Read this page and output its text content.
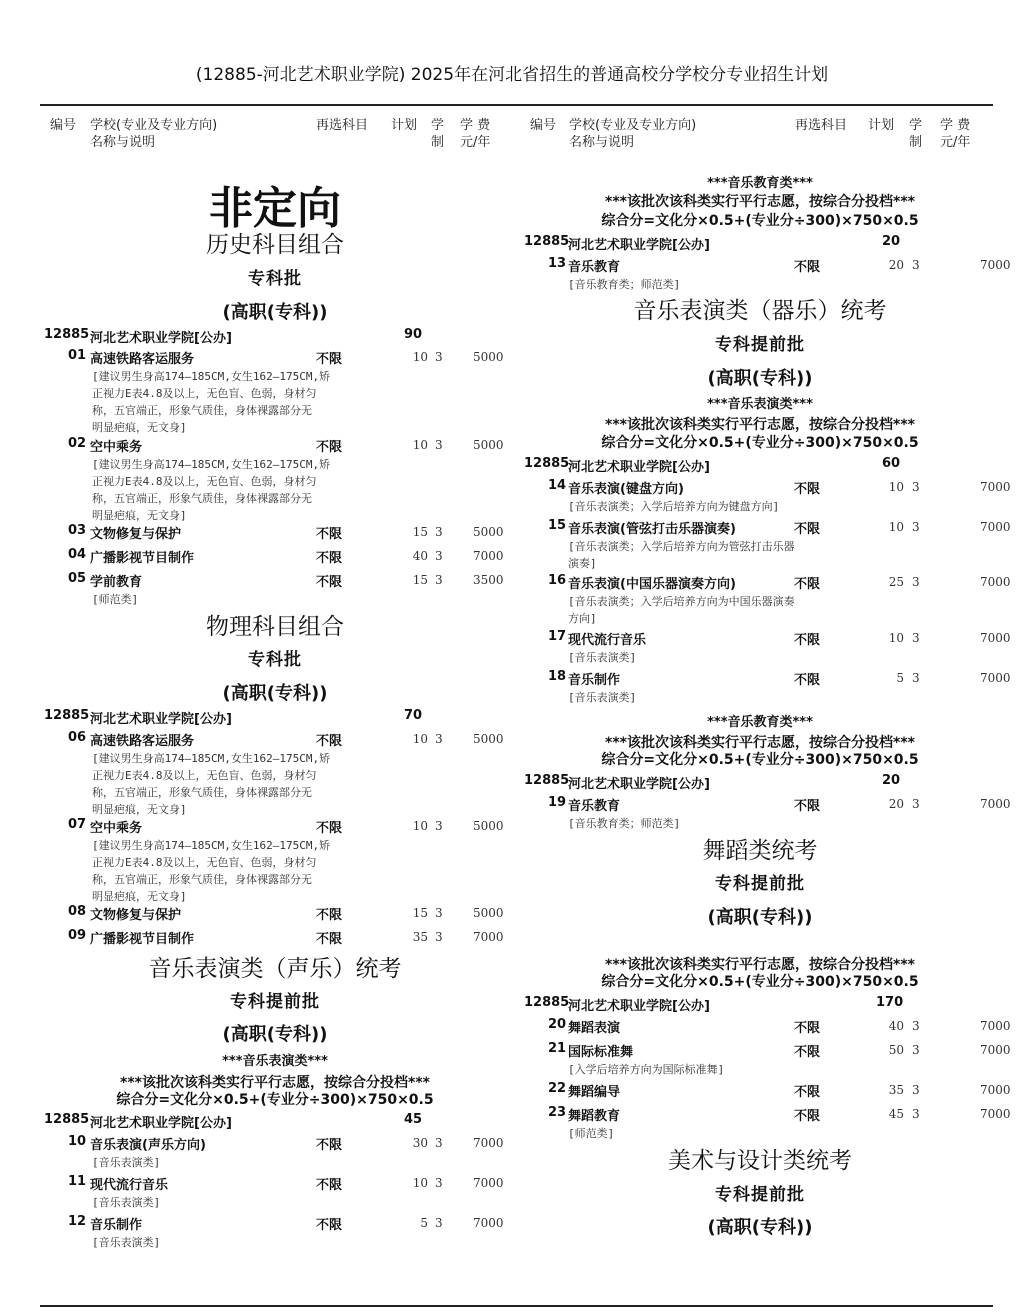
(12885-河北艺术职业学院) 2025年在河北省招生的普通高校分学校分专业招生计划
编号 学校(专业及专业方向)
名称与说明
再选科目 计划 学
制
学 费
元/年
编号 学校(专业及专业方向)
名称与说明
再选科目 计划 学
制
学 费
元/年
非定向
历史科目组合
专科批
(高职(专科))
12885 河北艺术职业学院[公办]	90
01 高速铁路客运服务	不限	10 3	5000
[建议男生身高174—185CM,女生162—175CM,矫
正视力E表4.8及以上，无色盲、色弱，身材匀
称，五官端正，形象气质佳，身体裸露部分无
明显疤痕，无文身]
02 空中乘务	不限	10 3	5000
[建议男生身高174—185CM,女生162—175CM,矫
正视力E表4.8及以上，无色盲、色弱，身材匀
称，五官端正，形象气质佳，身体裸露部分无
明显疤痕，无文身]
03 文物修复与保护	不限	15 3	5000
04 广播影视节目制作	不限	40 3	7000
05 学前教育	不限	15 3	3500
[师范类]
物理科目组合
专科批
(高职(专科))
12885 河北艺术职业学院[公办]	70
06 高速铁路客运服务	不限	10 3	5000
[建议男生身高174—185CM,女生162—175CM,矫
正视力E表4.8及以上，无色盲、色弱，身材匀
称，五官端正，形象气质佳，身体裸露部分无
明显疤痕，无文身]
07 空中乘务	不限	10 3	5000
[建议男生身高174—185CM,女生162—175CM,矫
正视力E表4.8及以上，无色盲、色弱，身材匀
称，五官端正，形象气质佳，身体裸露部分无
明显疤痕，无文身]
08 文物修复与保护	不限	15 3	5000
09 广播影视节目制作	不限	35 3	7000
音乐表演类（声乐）统考
专科提前批
(高职(专科))
***音乐表演类***
***该批次该科类实行平行志愿，按综合分投档***
综合分=文化分×0.5+(专业分÷300)×750×0.5
12885 河北艺术职业学院[公办]	45
10 音乐表演(声乐方向)	不限	30 3	7000
[音乐表演类]
11 现代流行音乐	不限	10 3	7000
[音乐表演类]
12 音乐制作	不限	5 3	7000
[音乐表演类]
***音乐教育类***
***该批次该科类实行平行志愿，按综合分投档***
综合分=文化分×0.5+(专业分÷300)×750×0.5
12885
河北艺术职业学院[公办]	20
13 音乐教育	不限	20 3	7000
[音乐教育类；师范类]
音乐表演类（器乐）统考
专科提前批
(高职(专科))
***音乐表演类***
***该批次该科类实行平行志愿，按综合分投档***
综合分=文化分×0.5+(专业分÷300)×750×0.5
12885
河北艺术职业学院[公办]	60
14 音乐表演(键盘方向)	不限	10 3	7000
[音乐表演类；入学后培养方向为键盘方向]
15 音乐表演(管弦打击乐器演奏)	不限	10 3	7000
[音乐表演类；入学后培养方向为管弦打击乐器
演奏]
16 音乐表演(中国乐器演奏方向)	不限	25 3	7000
[音乐表演类；入学后培养方向为中国乐器演奏
方向]
17 现代流行音乐	不限	10 3	7000
[音乐表演类]
18 音乐制作	不限	5 3	7000
[音乐表演类]
***音乐教育类***
***该批次该科类实行平行志愿，按综合分投档***
综合分=文化分×0.5+(专业分÷300)×750×0.5
12885
河北艺术职业学院[公办]	20
19 音乐教育	不限	20 3	7000
[音乐教育类；师范类]
舞蹈类统考
专科提前批
(高职(专科))
***该批次该科类实行平行志愿，按综合分投档***
综合分=文化分×0.5+(专业分÷300)×750×0.5
12885
河北艺术职业学院[公办]	170
20 舞蹈表演	不限	40 3	7000
21 国际标准舞	不限	50 3	7000
[入学后培养方向为国际标准舞]
22 舞蹈编导	不限	35 3	7000
23 舞蹈教育	不限	45 3	7000
[师范类]
美术与设计类统考
专科提前批
(高职(专科))
